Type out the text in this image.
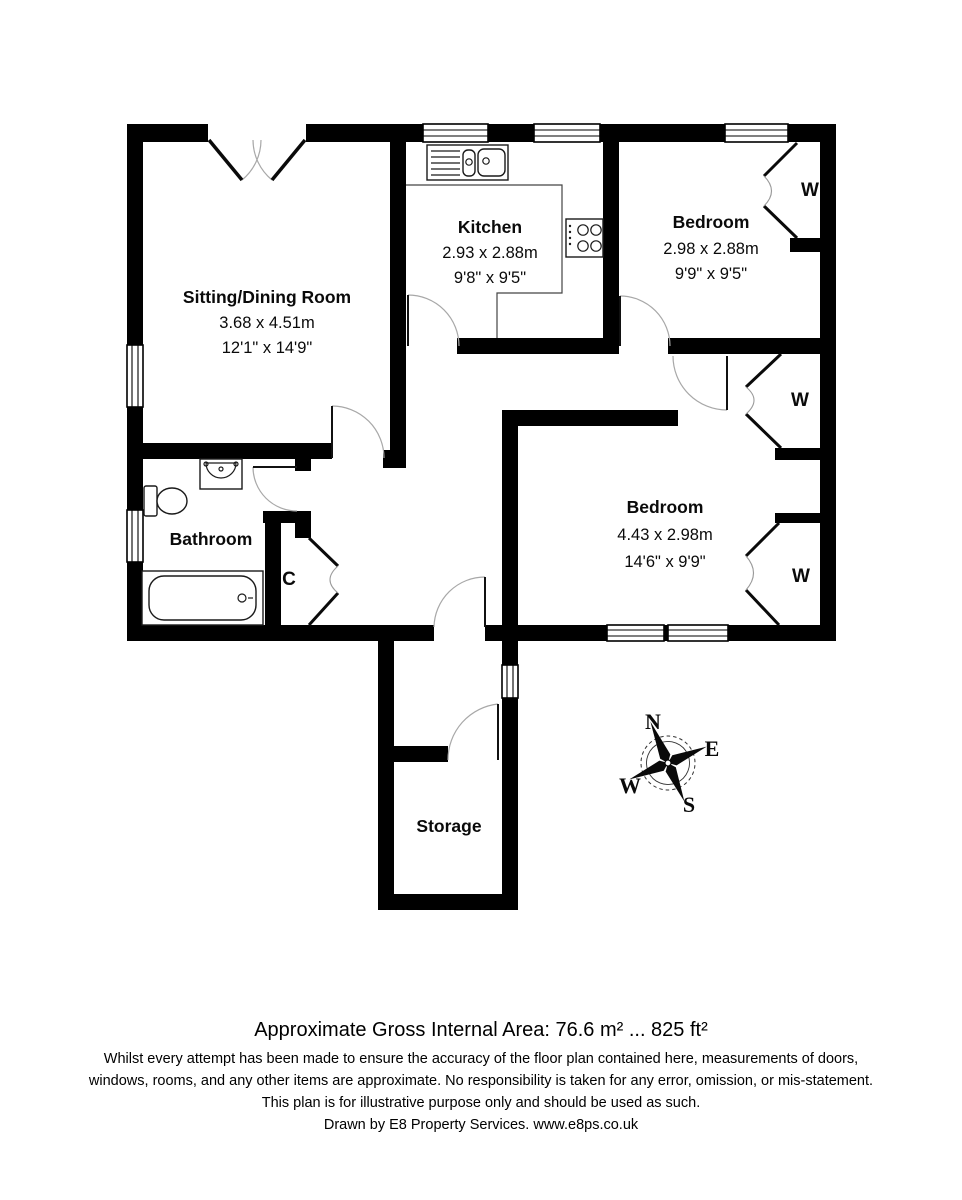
Sitting/Dining Room
3.68 x 4.51m
12'1" x 14'9"
Kitchen
2.93 x 2.88m
9'8" x 9'5"
Bedroom
2.98 x 2.88m
9'9" x 9'5"
Bedroom
4.43 x 2.98m
14'6" x 9'9"
Bathroom
Storage
C
W
W
W
N
E
W
S
Approximate Gross Internal Area: 76.6 m² ... 825 ft²
Whilst every attempt has been made to ensure the accuracy of the floor plan contained here, measurements of doors,
windows, rooms, and any other items are approximate. No responsibility is taken for any error, omission, or mis-statement.
This plan is for illustrative purpose only and should be used as such.
Drawn by E8 Property Services. www.e8ps.co.uk
